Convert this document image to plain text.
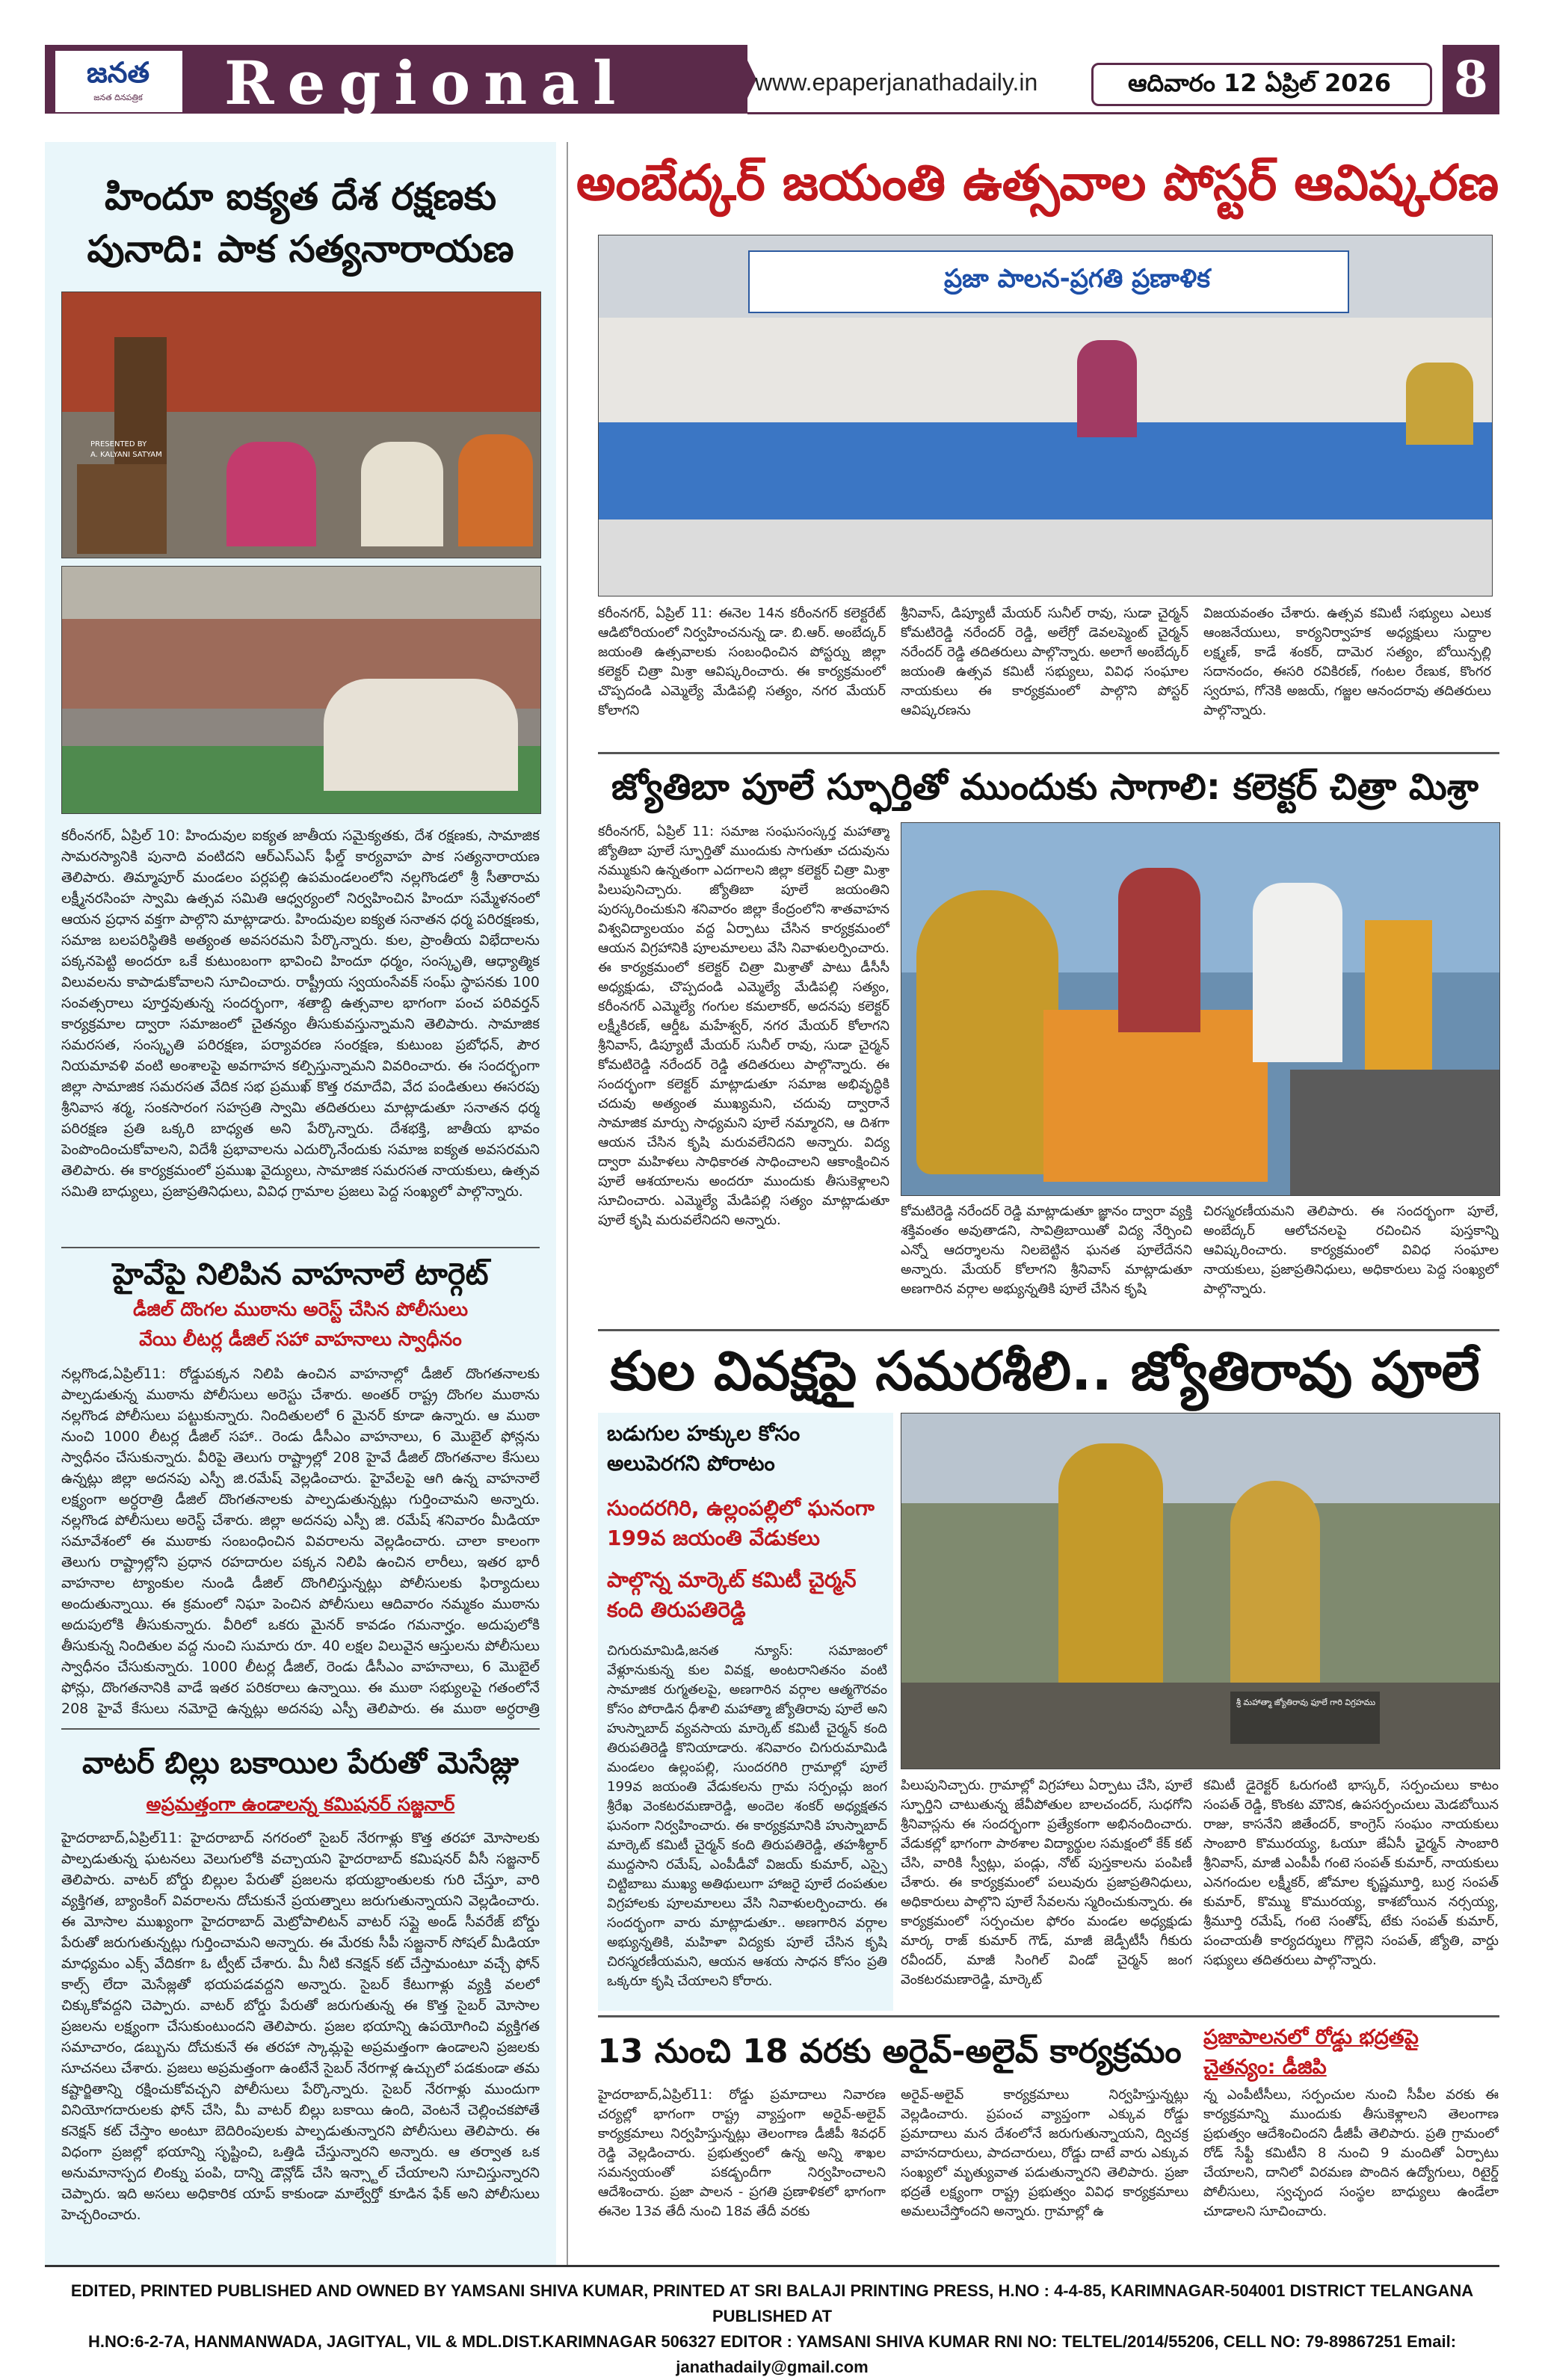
జనత
జనత దినపత్రిక	Regional	www.epaperjanathadaily.in	ఆదివారం 12 ఏప్రిల్ 2026	8
హిందూ ఐక్యత దేశ రక్షణకు
పునాది: పాక సత్యనారాయణ
PRESENTED BY
A. KALYANI SATYAM
కరీంనగర్, ఏప్రిల్ 10: హిందువుల ఐక్యత జాతీయ సమైక్యతకు, దేశ రక్షణకు, సామాజిక సామరస్యానికి పునాది వంటిదని ఆర్ఎస్ఎస్ ఫీల్డ్ కార్యవాహ పాక సత్యనారాయణ తెలిపారు. తిమ్మాపూర్ మండలం పర్లపల్లి ఉపమండలంలోని నల్లగొండలో శ్రీ సీతారామ లక్ష్మీనరసింహ స్వామి ఉత్సవ సమితి ఆధ్వర్యంలో నిర్వహించిన హిందూ సమ్మేళనంలో ఆయన ప్రధాన వక్తగా పాల్గొని మాట్లాడారు. హిందువుల ఐక్యత సనాతన ధర్మ పరిరక్షణకు, సమాజ బలపరిస్థితికి అత్యంత అవసరమని పేర్కొన్నారు. కుల, ప్రాంతీయ విభేదాలను పక్కనపెట్టి అందరూ ఒకే కుటుంబంగా భావించి హిందూ ధర్మం, సంస్కృతి, ఆధ్యాత్మిక విలువలను కాపాడుకోవాలని సూచించారు. రాష్ట్రీయ స్వయంసేవక్ సంఘ్ స్థాపనకు 100 సంవత్సరాలు పూర్తవుతున్న సందర్భంగా, శతాబ్ది ఉత్సవాల భాగంగా పంచ పరివర్తన్ కార్యక్రమాల ద్వారా సమాజంలో చైతన్యం తీసుకువస్తున్నామని తెలిపారు. సామాజిక సమరసత, సంస్కృతి పరిరక్షణ, పర్యావరణ సంరక్షణ, కుటుంబ ప్రబోధన్, పౌర నియమావళి వంటి అంశాలపై అవగాహన కల్పిస్తున్నామని వివరించారు. ఈ సందర్భంగా జిల్లా సామాజిక సమరసత వేదిక సభ ప్రముఖ్ కొత్త రమాదేవి, వేద పండితులు ఈసరపు శ్రీనివాస శర్మ, సంకసారంగ సహస్రతి స్వామి తదితరులు మాట్లాడుతూ సనాతన ధర్మ పరిరక్షణ ప్రతి ఒక్కరి బాధ్యత అని పేర్కొన్నారు. దేశభక్తి, జాతీయ భావం పెంపొందించుకోవాలని, విదేశీ ప్రభావాలను ఎదుర్కొనేందుకు సమాజ ఐక్యత అవసరమని తెలిపారు. ఈ కార్యక్రమంలో ప్రముఖ వైద్యులు, సామాజిక సమరసత నాయకులు, ఉత్సవ సమితి బాధ్యులు, ప్రజాప్రతినిధులు, వివిధ గ్రామాల ప్రజలు పెద్ద సంఖ్యలో పాల్గొన్నారు.
హైవేపై నిలిపిన వాహనాలే టార్గెట్
డీజిల్ దొంగల ముఠాను అరెస్ట్ చేసిన పోలీసులు
వేయి లీటర్ల డీజిల్ సహా వాహనాలు స్వాధీనం
నల్లగొండ,ఏప్రిల్11: రోడ్డుపక్కన నిలిపి ఉంచిన వాహనాల్లో డీజిల్ దొంగతనాలకు పాల్పడుతున్న ముఠాను పోలీసులు అరెస్టు చేశారు. అంతర్ రాష్ట్ర దొంగల ముఠాను నల్లగొండ పోలీసులు పట్టుకున్నారు. నిందితులలో 6 మైనర్ కూడా ఉన్నారు. ఆ ముఠా నుంచి 1000 లీటర్ల డీజిల్ సహా.. రెండు డీసీఎం వాహనాలు, 6 మొబైల్ ఫోన్లను స్వాధీనం చేసుకున్నారు. వీరిపై తెలుగు రాష్ట్రాల్లో 208 హైవే డీజిల్ దొంగతనాల కేసులు ఉన్నట్లు జిల్లా అదనపు ఎస్పీ జి.రమేష్ వెల్లడించారు. హైవేలపై ఆగి ఉన్న వాహనాలే లక్ష్యంగా అర్ధరాత్రి డీజిల్ దొంగతనాలకు పాల్పడుతున్నట్లు గుర్తించామని అన్నారు. నల్లగొండ పోలీసులు అరెస్ట్ చేశారు. జిల్లా అదనపు ఎస్పీ జి. రమేష్ శనివారం మీడియా సమావేశంలో ఈ ముఠాకు సంబంధించిన వివరాలను వెల్లడించారు. చాలా కాలంగా తెలుగు రాష్ట్రాల్లోని ప్రధాన రహదారుల పక్కన నిలిపి ఉంచిన లారీలు, ఇతర భారీ వాహనాల ట్యాంకుల నుండి డీజిల్ దొంగిలిస్తున్నట్లు పోలీసులకు ఫిర్యాదులు అందుతున్నాయి. ఈ క్రమంలో నిఘా పెంచిన పోలీసులు ఆదివారం నమ్మకం ముఠాను అదుపులోకి తీసుకున్నారు. వీరిలో ఒకరు మైనర్ కావడం గమనార్హం. అదుపులోకి తీసుకున్న నిందితుల వద్ద నుంచి సుమారు రూ. 40 లక్షల విలువైన ఆస్తులను పోలీసులు స్వాధీనం చేసుకున్నారు. 1000 లీటర్ల డీజిల్, రెండు డీసీఎం వాహనాలు, 6 మొబైల్ ఫోన్లు, దొంగతనానికి వాడే ఇతర పరికరాలు ఉన్నాయి. ఈ ముఠా సభ్యులపై గతంలోనే 208 హైవే కేసులు నమోదై ఉన్నట్లు అదనపు ఎస్పీ తెలిపారు. ఈ ముఠా అర్ధరాత్రి
వాటర్ బిల్లు బకాయిల పేరుతో మెసేజ్లు
అప్రమత్తంగా ఉండాలన్న కమిషనర్ సజ్జనార్
హైదరాబాద్,ఏప్రిల్11: హైదరాబాద్ నగరంలో సైబర్ నేరగాళ్లు కొత్త తరహా మోసాలకు పాల్పడుతున్న ఘటనలు వెలుగులోకి వచ్చాయని హైదరాబాద్ కమిషనర్ వీసీ సజ్జనార్ తెలిపారు. వాటర్ బోర్డు బిల్లుల పేరుతో ప్రజలను భయభ్రాంతులకు గురి చేస్తూ, వారి వ్యక్తిగత, బ్యాంకింగ్ వివరాలను దోచుకునే ప్రయత్నాలు జరుగుతున్నాయని వెల్లడించారు. ఈ మోసాల ముఖ్యంగా హైదరాబాద్ మెట్రోపాలిటన్ వాటర్ సప్లై అండ్ సీవరేజ్ బోర్డు పేరుతో జరుగుతున్నట్లు గుర్తించామని అన్నారు. ఈ మేరకు సీపీ సజ్జనార్ సోషల్ మీడియా మాధ్యమం ఎక్స్ వేదికగా ఓ ట్వీట్ చేశారు. మీ నీటి కనెక్షన్ కట్ చేస్తామంటూ వచ్చే ఫోన్ కాల్స్ లేదా మెసేజ్లతో భయపడవద్దని అన్నారు. సైబర్ కేటుగాళ్లు వ్యక్తి వలలో చిక్కుకోవద్దని చెప్పారు. వాటర్ బోర్డు పేరుతో జరుగుతున్న ఈ కొత్త సైబర్ మోసాల ప్రజలను లక్ష్యంగా చేసుకుంటుందని తెలిపారు. ప్రజల భయాన్ని ఉపయోగించి వ్యక్తిగత సమాచారం, డబ్బును దోచుకునే ఈ తరహా స్కామ్లపై అప్రమత్తంగా ఉండాలని ప్రజలకు సూచనలు చేశారు. ప్రజలు అప్రమత్తంగా ఉంటేనే సైబర్ నేరగాళ్ల ఉచ్చులో పడకుండా తమ కష్టార్జితాన్ని రక్షించుకోవచ్చని పోలీసులు పేర్కొన్నారు. సైబర్ నేరగాళ్లు ముందుగా వినియోగదారులకు ఫోన్ చేసి, మీ వాటర్ బిల్లు బకాయి ఉంది, వెంటనే చెల్లించకపోతే కనెక్షన్ కట్ చేస్తాం అంటూ బెదిరింపులకు పాల్పడుతున్నారని పోలీసులు తెలిపారు. ఈ విధంగా ప్రజల్లో భయాన్ని సృష్టించి, ఒత్తిడి చేస్తున్నారని అన్నారు. ఆ తర్వాత ఒక అనుమానాస్పద లింక్ను పంపి, దాన్ని డౌన్లోడ్ చేసి ఇన్స్టాల్ చేయాలని సూచిస్తున్నారని చెప్పారు. ఇది అసలు అధికారిక యాప్ కాకుండా మాల్వేర్తో కూడిన ఫేక్ అని పోలీసులు హెచ్చరించారు.
అంబేద్కర్ జయంతి ఉత్సవాల పోస్టర్ ఆవిష్కరణ
ప్రజా పాలన-ప్రగతి ప్రణాళిక
కరీంనగర్, ఏప్రిల్ 11: ఈనెల 14న కరీంనగర్ కలెక్టరేట్ ఆడిటోరియంలో నిర్వహించనున్న డా. బి.ఆర్. అంబేద్కర్ జయంతి ఉత్సవాలకు సంబంధించిన పోస్టర్ను జిల్లా కలెక్టర్ చిత్రా మిశ్రా ఆవిష్కరించారు. ఈ కార్యక్రమంలో చొప్పదండి ఎమ్మెల్యే మేడిపల్లి సత్యం, నగర మేయర్ కోలాగని
శ్రీనివాస్, డిప్యూటీ మేయర్ సునీల్ రావు, సుడా చైర్మన్ కోమటిరెడ్డి నరేందర్ రెడ్డి, అలేగ్రో డెవలప్మెంట్ చైర్మన్ నరేందర్ రెడ్డి తదితరులు పాల్గొన్నారు. అలాగే అంబేద్కర్ జయంతి ఉత్సవ కమిటీ సభ్యులు, వివిధ సంఘాల నాయకులు ఈ కార్యక్రమంలో పాల్గొని పోస్టర్ ఆవిష్కరణను
విజయవంతం చేశారు. ఉత్సవ కమిటీ సభ్యులు ఎలుక ఆంజనేయులు, కార్యనిర్వాహక అధ్యక్షులు సుద్దాల లక్ష్మణ్, కాడే శంకర్, దామెర సత్యం, బోయిన్పల్లి సదానందం, ఈసరి రవికిరణ్, గంటల రేణుక, కొంగర స్వరూప, గోనెకి అజయ్, గజ్జల ఆనందరావు తదితరులు పాల్గొన్నారు.
జ్యోతిబా పూలే స్ఫూర్తితో ముందుకు సాగాలి: కలెక్టర్ చిత్రా మిశ్రా
కరీంనగర్, ఏప్రిల్ 11: సమాజ సంఘసంస్కర్త మహాత్మా జ్యోతిబా పూలే స్ఫూర్తితో ముందుకు సాగుతూ చదువును నమ్ముకుని ఉన్నతంగా ఎదగాలని జిల్లా కలెక్టర్ చిత్రా మిశ్రా పిలుపునిచ్చారు. జ్యోతిబా పూలే జయంతిని పురస్కరించుకుని శనివారం జిల్లా కేంద్రంలోని శాతవాహన విశ్వవిద్యాలయం వద్ద ఏర్పాటు చేసిన కార్యక్రమంలో ఆయన విగ్రహానికి పూలమాలలు వేసి నివాళులర్పించారు. ఈ కార్యక్రమంలో కలెక్టర్ చిత్రా మిశ్రాతో పాటు డీసీసీ అధ్యక్షుడు, చొప్పదండి ఎమ్మెల్యే మేడిపల్లి సత్యం, కరీంనగర్ ఎమ్మెల్యే గంగుల కమలాకర్, అదనపు కలెక్టర్ లక్ష్మీకిరణ్, ఆర్డీఓ మహేశ్వర్, నగర మేయర్ కోలాగని శ్రీనివాస్, డిప్యూటీ మేయర్ సునీల్ రావు, సుడా చైర్మన్ కోమటిరెడ్డి నరేందర్ రెడ్డి తదితరులు పాల్గొన్నారు. ఈ సందర్భంగా కలెక్టర్ మాట్లాడుతూ సమాజ అభివృద్ధికి చదువు అత్యంత ముఖ్యమని, చదువు ద్వారానే సామాజిక మార్పు సాధ్యమని పూలే నమ్మారని, ఆ దిశగా ఆయన చేసిన కృషి మరువలేనిదని అన్నారు. విద్య ద్వారా మహిళలు సాధికారత సాధించాలని ఆకాంక్షించిన పూలే ఆశయాలను అందరూ ముందుకు తీసుకెళ్లాలని సూచించారు. ఎమ్మెల్యే మేడిపల్లి సత్యం మాట్లాడుతూ పూలే కృషి మరువలేనిదని అన్నారు.
కోమటిరెడ్డి నరేందర్ రెడ్డి మాట్లాడుతూ జ్ఞానం ద్వారా వ్యక్తి శక్తివంతం అవుతాడని, సావిత్రిబాయితో విద్య నేర్పించి ఎన్నో ఆదర్శాలను నిలబెట్టిన ఘనత పూలేదేనని అన్నారు. మేయర్ కోలాగని శ్రీనివాస్ మాట్లాడుతూ అణగారిన వర్గాల అభ్యున్నతికి పూలే చేసిన కృషి
చిరస్మరణీయమని తెలిపారు. ఈ సందర్భంగా పూలే, అంబేద్కర్ ఆలోచనలపై రచించిన పుస్తకాన్ని ఆవిష్కరించారు. కార్యక్రమంలో వివిధ సంఘాల నాయకులు, ప్రజాప్రతినిధులు, అధికారులు పెద్ద సంఖ్యలో పాల్గొన్నారు.
కుల వివక్షపై సమరశీలి.. జ్యోతిరావు పూలే
బడుగుల హక్కుల కోసం
అలుపెరగని పోరాటం
సుందరగిరి, ఉల్లంపల్లిలో ఘనంగా
199వ జయంతి వేడుకలు
పాల్గొన్న మార్కెట్ కమిటీ చైర్మన్
కంది తిరుపతిరెడ్డి
చిగురుమామిడి,జనత న్యూస్: సమాజంలో వేళ్లూనుకున్న కుల వివక్ష, అంటరానితనం వంటి సామాజిక రుగ్మతలపై, అణగారిన వర్గాల ఆత్మగౌరవం కోసం పోరాడిన ధీశాలి మహాత్మా జ్యోతిరావు పూలే అని హుస్నాబాద్ వ్యవసాయ మార్కెట్ కమిటీ చైర్మన్ కంది తిరుపతిరెడ్డి కొనియాడారు. శనివారం చిగురుమామిడి మండలం ఉల్లంపల్లి, సుందరగిరి గ్రామాల్లో పూలే 199వ జయంతి వేడుకలను గ్రామ సర్పంచ్లు జంగ శ్రీరేఖ వెంకటరమణారెడ్డి, అందెల శంకర్ అధ్యక్షతన ఘనంగా నిర్వహించారు. ఈ కార్యక్రమానికి హుస్నాబాద్ మార్కెట్ కమిటీ చైర్మన్ కంది తిరుపతిరెడ్డి, తహశీల్దార్ ముద్దసాని రమేష్, ఎంపీడీవో విజయ్ కుమార్, ఎస్సై చిట్టిబాబు ముఖ్య అతిథులుగా హాజరై పూలే దంపతుల విగ్రహాలకు పూలమాలలు వేసి నివాళులర్పించారు. ఈ సందర్భంగా వారు మాట్లాడుతూ.. అణగారిన వర్గాల అభ్యున్నతికి, మహిళా విద్యకు పూలే చేసిన కృషి చిరస్మరణీయమని, ఆయన ఆశయ సాధన కోసం ప్రతి ఒక్కరూ కృషి చేయాలని కోరారు.
శ్రీ మహాత్మా జ్యోతిరావు ఫూలే గారి విగ్రహము
పిలుపునిచ్చారు. గ్రామాల్లో విగ్రహాలు ఏర్పాటు చేసి, పూలే స్ఫూర్తిని చాటుతున్న జేవీపోతుల బాలచందర్, సుధగోని శ్రీనివాస్లను ఈ సందర్భంగా ప్రత్యేకంగా అభినందించారు. వేడుకల్లో భాగంగా పాఠశాల విద్యార్థుల సమక్షంలో కేక్ కట్ చేసి, వారికి స్వీట్లు, పండ్లు, నోట్ పుస్తకాలను పంపిణీ చేశారు. ఈ కార్యక్రమంలో పలువురు ప్రజాప్రతినిధులు, అధికారులు పాల్గొని పూలే సేవలను స్మరించుకున్నారు. ఈ కార్యక్రమంలో సర్పంచుల ఫోరం మండల అధ్యక్షుడు మార్క రాజ్ కుమార్ గౌడ్, మాజీ జెడ్పీటీసీ గీకురు రవీందర్, మాజీ సింగిల్ విండో చైర్మన్ జంగ వెంకటరమణారెడ్డి, మార్కెట్
కమిటీ డైరెక్టర్ ఓరుగంటి భాస్కర్, సర్పంచులు కాటం సంపత్ రెడ్డి, కొంకట మౌనిక, ఉపసర్పంచులు మెడబోయిన రాజు, కాసనేని జితేందర్, కాంగ్రెస్ సంఘం నాయకులు సాంబారి కొమురయ్య, ఓయూ జేఏసీ ఛైర్మన్ సాంబారి శ్రీనివాస్, మాజీ ఎంపీపీ గంటె సంపత్ కుమార్, నాయకులు ఎనగందుల లక్ష్మీకర్, జోమాల కృష్ణమూర్తి, బుర్ర సంపత్ కుమార్, కొమ్ము కొమురయ్య, కాశబోయిన నర్సయ్య, శ్రీమూర్తి రమేష్, గంటె సంతోష్, టేకు సంపత్ కుమార్, పంచాయతీ కార్యదర్శులు గొల్లెని సంపత్, జ్యోతి, వార్డు సభ్యులు తదితరులు పాల్గొన్నారు.
13 నుంచి 18 వరకు అరైవ్-అలైవ్ కార్యక్రమం
హైదరాబాద్,ఏప్రిల్11: రోడ్డు ప్రమాదాలు నివారణ చర్యల్లో భాగంగా రాష్ట్ర వ్యాప్తంగా అరైవ్-అలైవ్ కార్యక్రమాలు నిర్వహిస్తున్నట్లు తెలంగాణ డీజీపీ శివధర్ రెడ్డి వెల్లడించారు. ప్రభుత్వంలో ఉన్న అన్ని శాఖల సమన్వయంతో పకడ్బందీగా నిర్వహించాలని ఆదేశించారు. ప్రజా పాలన - ప్రగతి ప్రణాళికలో భాగంగా ఈనెల 13వ తేదీ నుంచి 18వ తేదీ వరకు
అరైవ్-అలైవ్ కార్యక్రమాలు నిర్వహిస్తున్నట్లు వెల్లడించారు. ప్రపంచ వ్యాప్తంగా ఎక్కువ రోడ్డు ప్రమాదాలు మన దేశంలోనే జరుగుతున్నాయని, ద్విచక్ర వాహనదారులు, పాదచారులు, రోడ్డు దాటే వారు ఎక్కువ సంఖ్యలో మృత్యువాత పడుతున్నారని తెలిపారు. ప్రజా భద్రతే లక్ష్యంగా రాష్ట్ర ప్రభుత్వం వివిధ కార్యక్రమాలు అమలుచేస్తోందని అన్నారు. గ్రామాల్లో ఉ
ప్రజాపాలనలో రోడ్డు భద్రతపై
చైతన్యం: డీజిపి
న్న ఎంపీటీసీలు, సర్పంచుల నుంచి సీపీల వరకు ఈ కార్యక్రమాన్ని ముందుకు తీసుకెళ్లాలని తెలంగాణ ప్రభుత్వం ఆదేశించిందని డీజీపీ తెలిపారు. ప్రతి గ్రామంలో రోడ్ సేఫ్టీ కమిటీని 8 నుంచి 9 మందితో ఏర్పాటు చేయాలని, దానిలో విరమణ పొందిన ఉద్యోగులు, రిటైర్డ్ పోలీసులు, స్వచ్ఛంద సంస్థల బాధ్యులు ఉండేలా చూడాలని సూచించారు.
EDITED, PRINTED PUBLISHED AND OWNED BY YAMSANI SHIVA KUMAR, PRINTED AT SRI BALAJI PRINTING PRESS, H.NO : 4-4-85, KARIMNAGAR-504001 DISTRICT TELANGANA PUBLISHED AT
H.NO:6-2-7A, HANMANWADA, JAGITYAL, VIL & MDL.DIST.KARIMNAGAR 506327 EDITOR : YAMSANI SHIVA KUMAR RNI NO: TELTEL/2014/55206, CELL NO: 79-89867251 Email: janathadaily@gmail.com
